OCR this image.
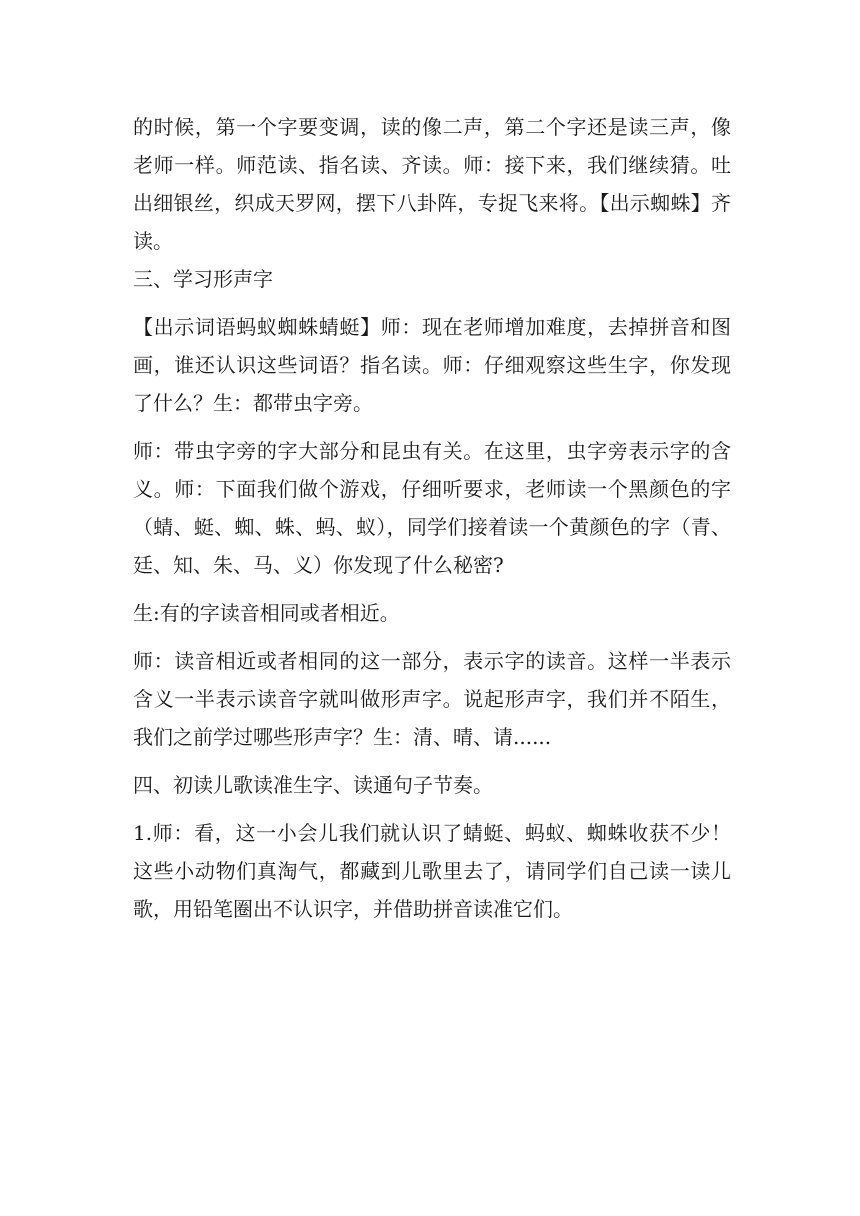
的时候，第一个字要变调，读的像二声，第二个字还是读三声，像老师一样。师范读、指名读、齐读。师：接下来，我们继续猜。吐出细银丝，织成天罗网，摆下八卦阵，专捉飞来将。【出示蜘蛛】齐读。

三、学习形声字

【出示词语蚂蚁蜘蛛蜻蜓】师：现在老师增加难度，去掉拼音和图画，谁还认识这些词语？指名读。师：仔细观察这些生字，你发现了什么？生：都带虫字旁。

师：带虫字旁的字大部分和昆虫有关。在这里，虫字旁表示字的含义。师：下面我们做个游戏，仔细听要求，老师读一个黑颜色的字（蜻、蜓、蜘、蛛、蚂、蚁），同学们接着读一个黄颜色的字（青、廷、知、朱、马、义）你发现了什么秘密?

生:有的字读音相同或者相近。

师：读音相近或者相同的这一部分，表示字的读音。这样一半表示含义一半表示读音字就叫做形声字。说起形声字，我们并不陌生，我们之前学过哪些形声字？生：清、晴、请......

四、初读儿歌读准生字、读通句子节奏。

1.师：看，这一小会儿我们就认识了蜻蜓、蚂蚁、蜘蛛收获不少！这些小动物们真淘气，都藏到儿歌里去了，请同学们自己读一读儿歌，用铅笔圈出不认识字，并借助拼音读准它们。
